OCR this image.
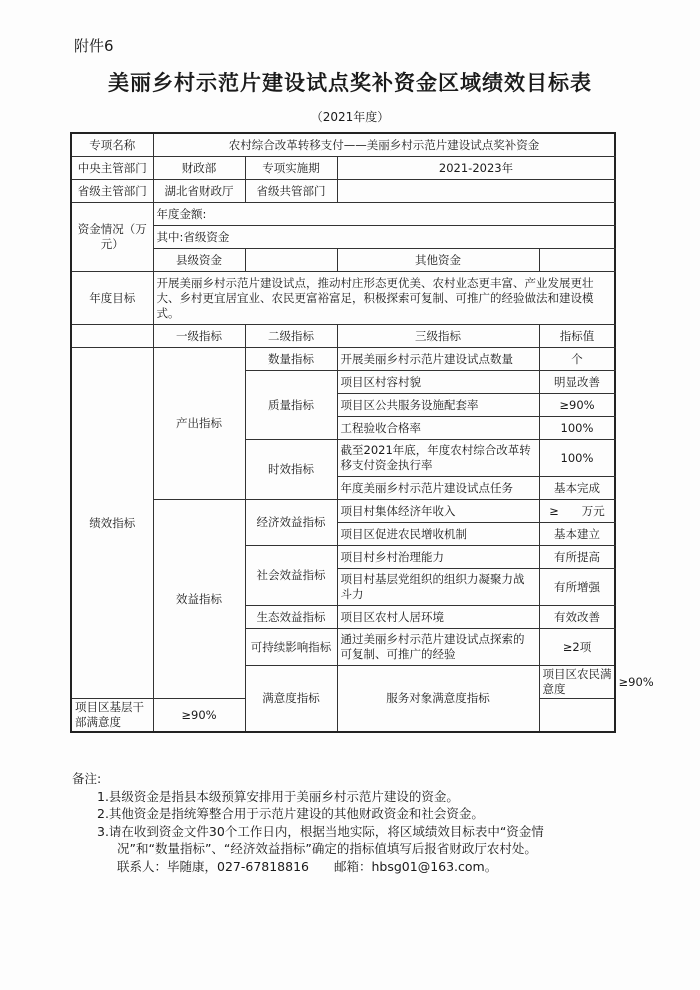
附件6
美丽乡村示范片建设试点奖补资金区域绩效目标表
（2021年度）
专项名称	农村综合改革转移支付——美丽乡村示范片建设试点奖补资金				
中央主管部门	财政部	专项实施期	2021-2023年		
省级主管部门	湖北省财政厅	省级共管部门			
资金情况（万元）	年度金额:				
	其中:省级资金				
	县级资金		其他资金		
年度目标	开展美丽乡村示范片建设试点，推动村庄形态更优美、农村业态更丰富、产业发展更壮大、乡村更宜居宜业、农民更富裕富足，积极探索可复制、可推广的经验做法和建设模式。				
	一级指标	二级指标	三级指标	指标值	
绩效指标	产出指标	数量指标	开展美丽乡村示范片建设试点数量	个	
		质量指标	项目区村容村貌	明显改善	
			项目区公共服务设施配套率	≥90%	
			工程验收合格率	100%	
		时效指标	截至2021年底，年度农村综合改革转移支付资金执行率	100%	
			年度美丽乡村示范片建设试点任务	基本完成	
	效益指标	经济效益指标	项目村集体经济年收入	≥　　万元	
			项目区促进农民增收机制	基本建立	
		社会效益指标	项目村乡村治理能力	有所提高	
			项目村基层党组织的组织力凝聚力战斗力	有所增强	
		生态效益指标	项目区农村人居环境	有效改善	
		可持续影响指标	通过美丽乡村示范片建设试点探索的可复制、可推广的经验	≥2项	
		满意度指标	服务对象满意度指标	项目区农民满意度	≥90%
项目区基层干部满意度	≥90%				
备注:
1.县级资金是指县本级预算安排用于美丽乡村示范片建设的资金。
2.其他资金是指统筹整合用于示范片建设的其他财政资金和社会资金。
3.请在收到资金文件30个工作日内，根据当地实际，将区域绩效目标表中“资金情
况”和“数量指标”、“经济效益指标”确定的指标值填写后报省财政厅农村处。
联系人：毕随康，027-67818816　　邮箱：hbsg01@163.com。
